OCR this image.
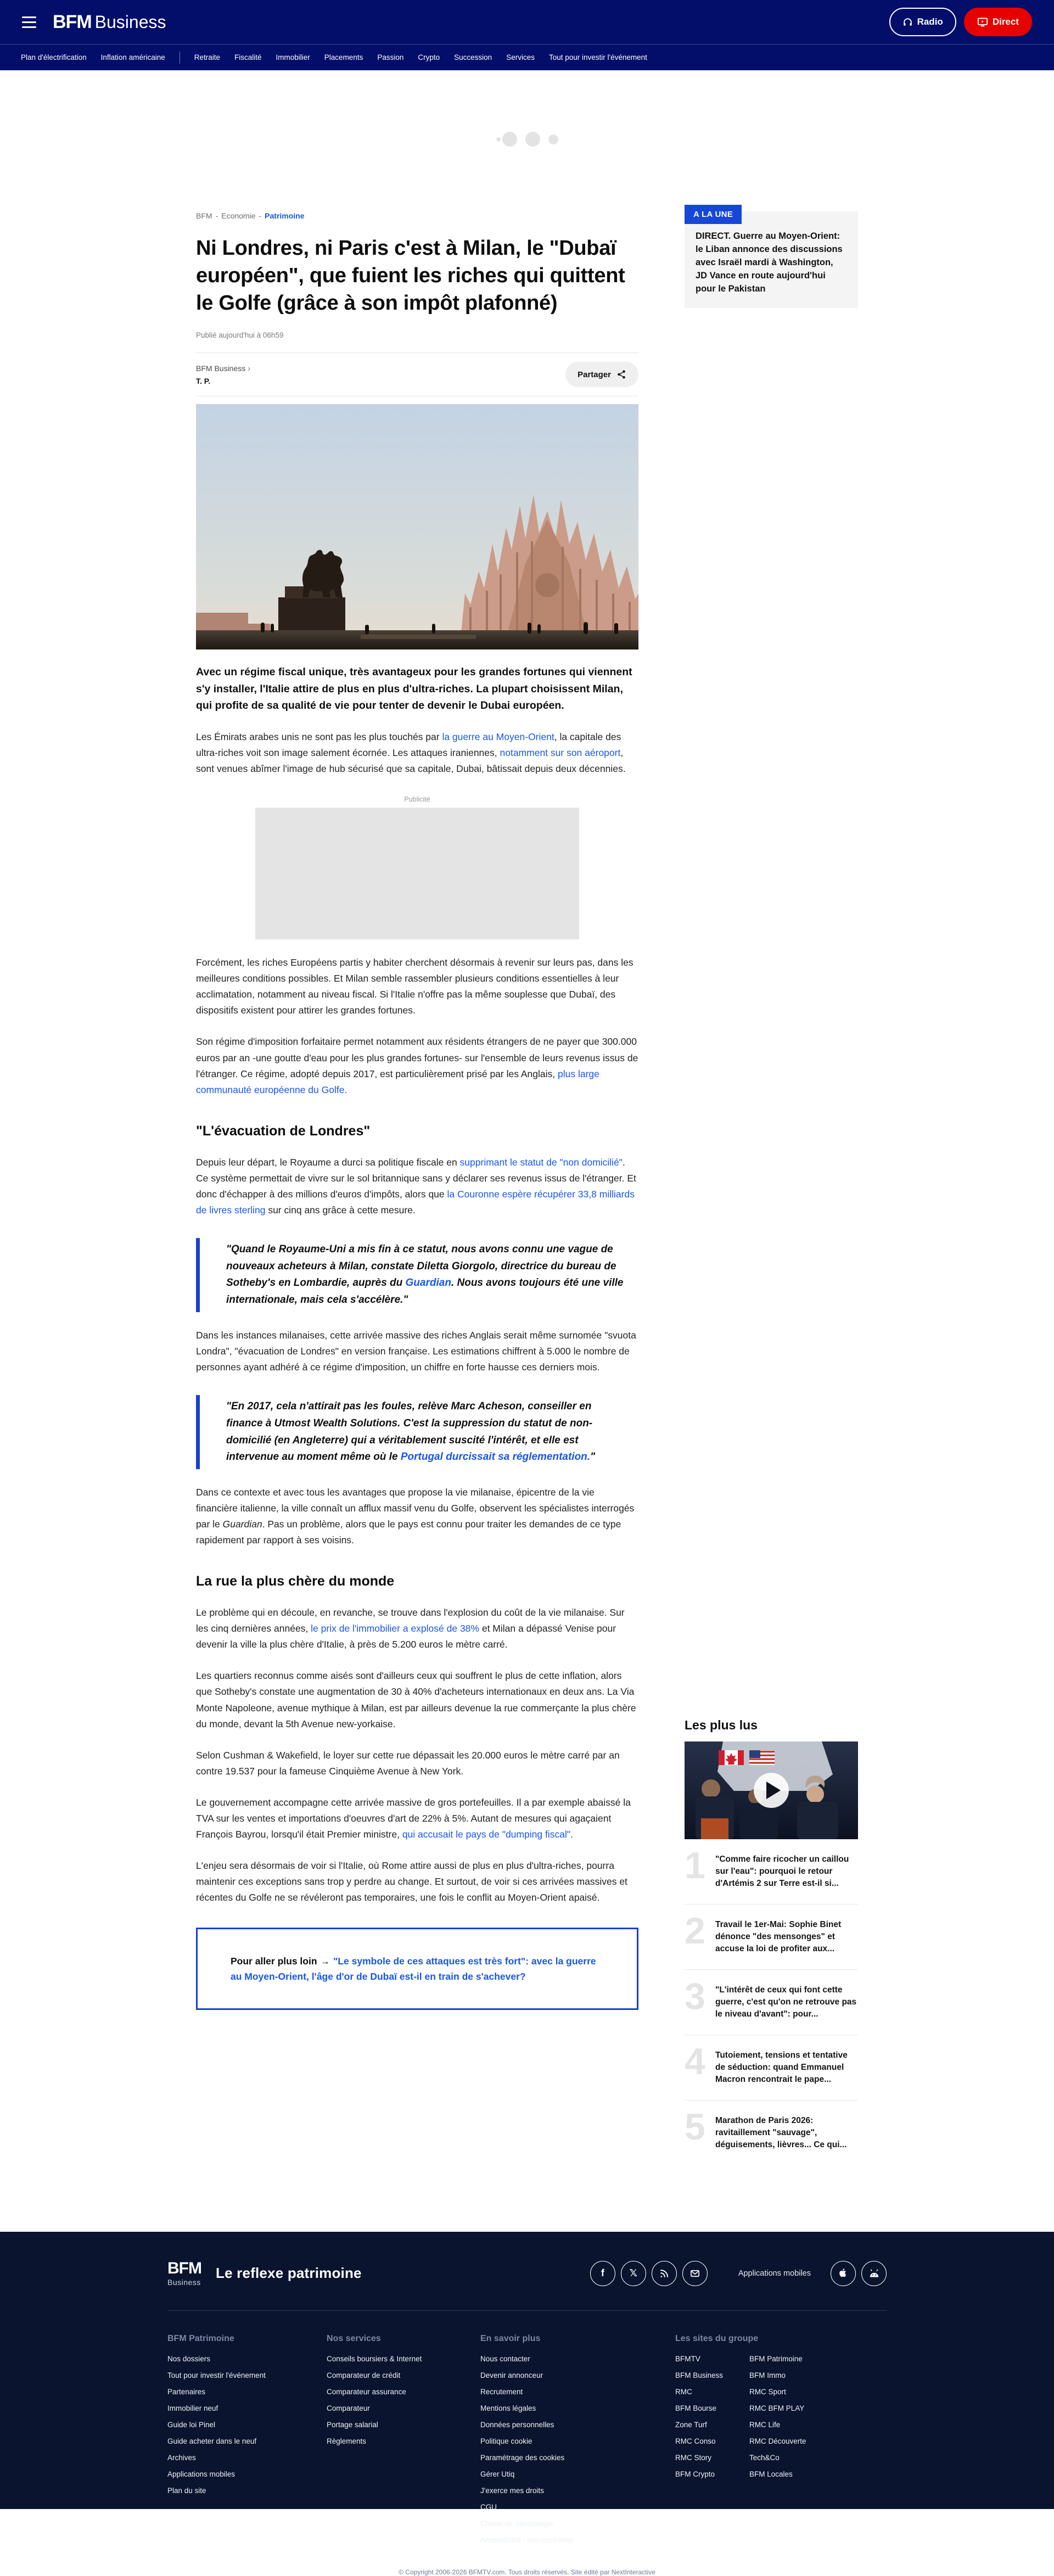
BFM Business	Radio	Direct
Plan d'électrification Inflation américaine	Retraite Fiscalité Immobilier Placements Passion Crypto Succession Services Tout pour investir l'événement
BFM - Economie - Patrimoine
Ni Londres, ni Paris c'est à Milan, le "Dubaï européen", que fuient les riches qui quittent le Golfe (grâce à son impôt plafonné)
Publié aujourd'hui à 06h59
BFM Business ›
T. P.
Partager
Avec un régime fiscal unique, très avantageux pour les grandes fortunes qui viennent s'y installer, l'Italie attire de plus en plus d'ultra-riches. La plupart choisissent Milan, qui profite de sa qualité de vie pour tenter de devenir le Dubai européen.

Les Émirats arabes unis ne sont pas les plus touchés par la guerre au Moyen-Orient, la capitale des ultra-riches voit son image salement écornée. Les attaques iraniennes, notamment sur son aéroport, sont venues abîmer l'image de hub sécurisé que sa capitale, Dubai, bâtissait depuis deux décennies.

Publicité

Forcément, les riches Européens partis y habiter cherchent désormais à revenir sur leurs pas, dans les meilleures conditions possibles. Et Milan semble rassembler plusieurs conditions essentielles à leur acclimatation, notamment au niveau fiscal. Si l'Italie n'offre pas la même souplesse que Dubaï, des dispositifs existent pour attirer les grandes fortunes.

Son régime d'imposition forfaitaire permet notamment aux résidents étrangers de ne payer que 300.000 euros par an -une goutte d'eau pour les plus grandes fortunes- sur l'ensemble de leurs revenus issus de l'étranger. Ce régime, adopté depuis 2017, est particulièrement prisé par les Anglais, plus large communauté européenne du Golfe.

"L'évacuation de Londres"

Depuis leur départ, le Royaume a durci sa politique fiscale en supprimant le statut de "non domicilié". Ce système permettait de vivre sur le sol britannique sans y déclarer ses revenus issus de l'étranger. Et donc d'échapper à des millions d'euros d'impôts, alors que la Couronne espère récupérer 33,8 milliards de livres sterling sur cinq ans grâce à cette mesure.

"Quand le Royaume-Uni a mis fin à ce statut, nous avons connu une vague de nouveaux acheteurs à Milan, constate Diletta Giorgolo, directrice du bureau de Sotheby's en Lombardie, auprès du Guardian. Nous avons toujours été une ville internationale, mais cela s'accélère."

Dans les instances milanaises, cette arrivée massive des riches Anglais serait même surnomée "svuota Londra", "évacuation de Londres" en version française. Les estimations chiffrent à 5.000 le nombre de personnes ayant adhéré à ce régime d'imposition, un chiffre en forte hausse ces derniers mois.

"En 2017, cela n'attirait pas les foules, relève Marc Acheson, conseiller en finance à Utmost Wealth Solutions. C'est la suppression du statut de non-domicilié (en Angleterre) qui a véritablement suscité l'intérêt, et elle est intervenue au moment même où le Portugal durcissait sa réglementation."

Dans ce contexte et avec tous les avantages que propose la vie milanaise, épicentre de la vie financière italienne, la ville connaît un afflux massif venu du Golfe, observent les spécialistes interrogés par le Guardian. Pas un problème, alors que le pays est connu pour traiter les demandes de ce type rapidement par rapport à ses voisins.

La rue la plus chère du monde

Le problème qui en découle, en revanche, se trouve dans l'explosion du coût de la vie milanaise. Sur les cinq dernières années, le prix de l'immobilier a explosé de 38% et Milan a dépassé Venise pour devenir la ville la plus chère d'Italie, à près de 5.200 euros le mètre carré.

Les quartiers reconnus comme aisés sont d'ailleurs ceux qui souffrent le plus de cette inflation, alors que Sotheby's constate une augmentation de 30 à 40% d'acheteurs internationaux en deux ans. La Via Monte Napoleone, avenue mythique à Milan, est par ailleurs devenue la rue commerçante la plus chère du monde, devant la 5th Avenue new-yorkaise.

Selon Cushman & Wakefield, le loyer sur cette rue dépassait les 20.000 euros le mètre carré par an contre 19.537 pour la fameuse Cinquième Avenue à New York.

Le gouvernement accompagne cette arrivée massive de gros portefeuilles. Il a par exemple abaissé la TVA sur les ventes et importations d'oeuvres d'art de 22% à 5%. Autant de mesures qui agaçaient François Bayrou, lorsqu'il était Premier ministre, qui accusait le pays de "dumping fiscal".

L'enjeu sera désormais de voir si l'Italie, où Rome attire aussi de plus en plus d'ultra-riches, pourra maintenir ces exceptions sans trop y perdre au change. Et surtout, de voir si ces arrivées massives et récentes du Golfe ne se révéleront pas temporaires, une fois le conflit au Moyen-Orient apaisé.

Pour aller plus loin → "Le symbole de ces attaques est très fort": avec la guerre au Moyen-Orient, l'âge d'or de Dubaï est-il en train de s'achever?
A LA UNE
DIRECT. Guerre au Moyen-Orient: le Liban annonce des discussions avec Israël mardi à Washington, JD Vance en route aujourd'hui pour le Pakistan
Les plus lus
1	"Comme faire ricocher un caillou sur l'eau": pourquoi le retour d'Artémis 2 sur Terre est-il si...
2	Travail le 1er-Mai: Sophie Binet dénonce "des mensonges" et accuse la loi de profiter aux...
3	"L'intérêt de ceux qui font cette guerre, c'est qu'on ne retrouve pas le niveau d'avant": pour...
4	Tutoiement, tensions et tentative de séduction: quand Emmanuel Macron rencontrait le pape...
5	Marathon de Paris 2026: ravitaillement "sauvage", déguisements, lièvres... Ce qui...
BFM
Business
Le reflexe patrimoine	f	𝕏	Applications mobiles
BFM Patrimoine
Nos dossiers
Tout pour investir l'événement
Partenaires
Immobilier neuf
Guide loi Pinel
Guide acheter dans le neuf
Archives
Applications mobiles
Plan du site
Nos services
Conseils boursiers & Internet
Comparateur de crédit
Comparateur assurance
Comparateur
Portage salarial
Règlements
En savoir plus
Nous contacter
Devenir annonceur
Recrutement
Mentions légales
Données personnelles
Politique cookie
Paramétrage des cookies
Gérer Utiq
J'exerce mes droits
CGU
Charte de déontologie
Accessibilité : non-conforme
Les sites du groupe
BFMTV
BFM Business
RMC
BFM Bourse
Zone Turf
RMC Conso
RMC Story
BFM Crypto
BFM Patrimoine
BFM Immo
RMC Sport
RMC BFM PLAY
RMC Life
RMC Découverte
Tech&Co
BFM Locales
© Copyright 2006-2026 BFMTV.com. Tous droits réservés. Site édité par NextInteractive
